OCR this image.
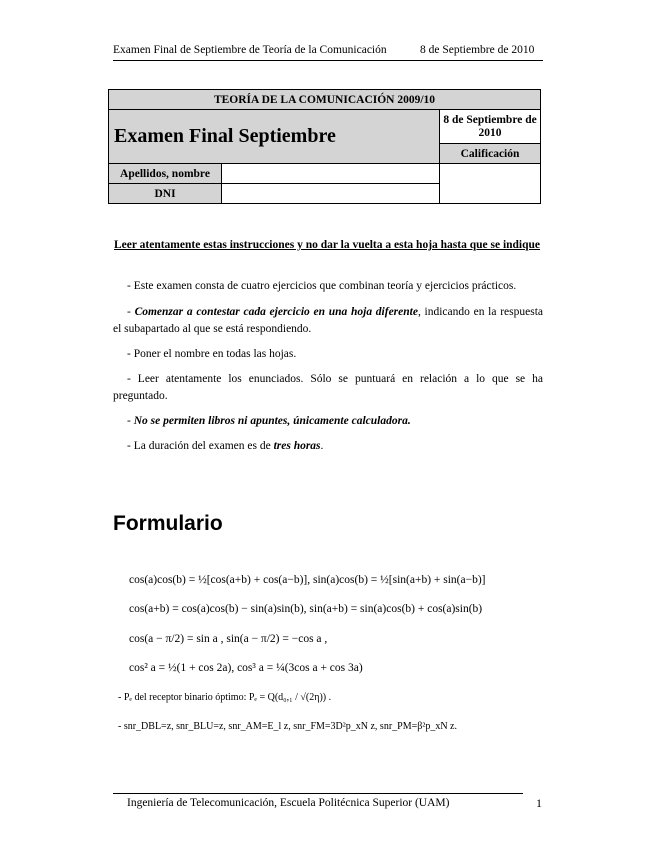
Examen Final de Septiembre de Teoría de la Comunicación	8 de Septiembre de 2010
TEORÍA DE LA COMUNICACIÓN 2009/10		
Examen Final Septiembre		8 de Septiembre de 2010
		Calificación
Apellidos, nombre		
DNI		
Leer atentamente estas instrucciones y no dar la vuelta a esta hoja hasta que se indique
- Este examen consta de cuatro ejercicios que combinan teoría y ejercicios prácticos.
- Comenzar a contestar cada ejercicio en una hoja diferente, indicando en la respuesta el subapartado al que se está respondiendo.
- Poner el nombre en todas las hojas.
- Leer atentamente los enunciados. Sólo se puntuará en relación a lo que se ha preguntado.
- No se permiten libros ni apuntes, únicamente calculadora.
- La duración del examen es de tres horas.
Formulario
cos(a)cos(b) = ½[cos(a+b) + cos(a−b)], sin(a)cos(b) = ½[sin(a+b) + sin(a−b)]
cos(a+b) = cos(a)cos(b) − sin(a)sin(b), sin(a+b) = sin(a)cos(b) + cos(a)sin(b)
cos(a − π/2) = sin a , sin(a − π/2) = −cos a ,
cos² a = ½(1 + cos 2a), cos³ a = ¼(3cos a + cos 3a)
- Pₑ del receptor binario óptimo: Pₑ = Q(d₀,₁ / √(2η)) .
- snr_DBL=z, snr_BLU=z, snr_AM=E_l z, snr_FM=3D²p_xN z, snr_PM=β²p_xN z.
Ingeniería de Telecomunicación, Escuela Politécnica Superior (UAM)	1
